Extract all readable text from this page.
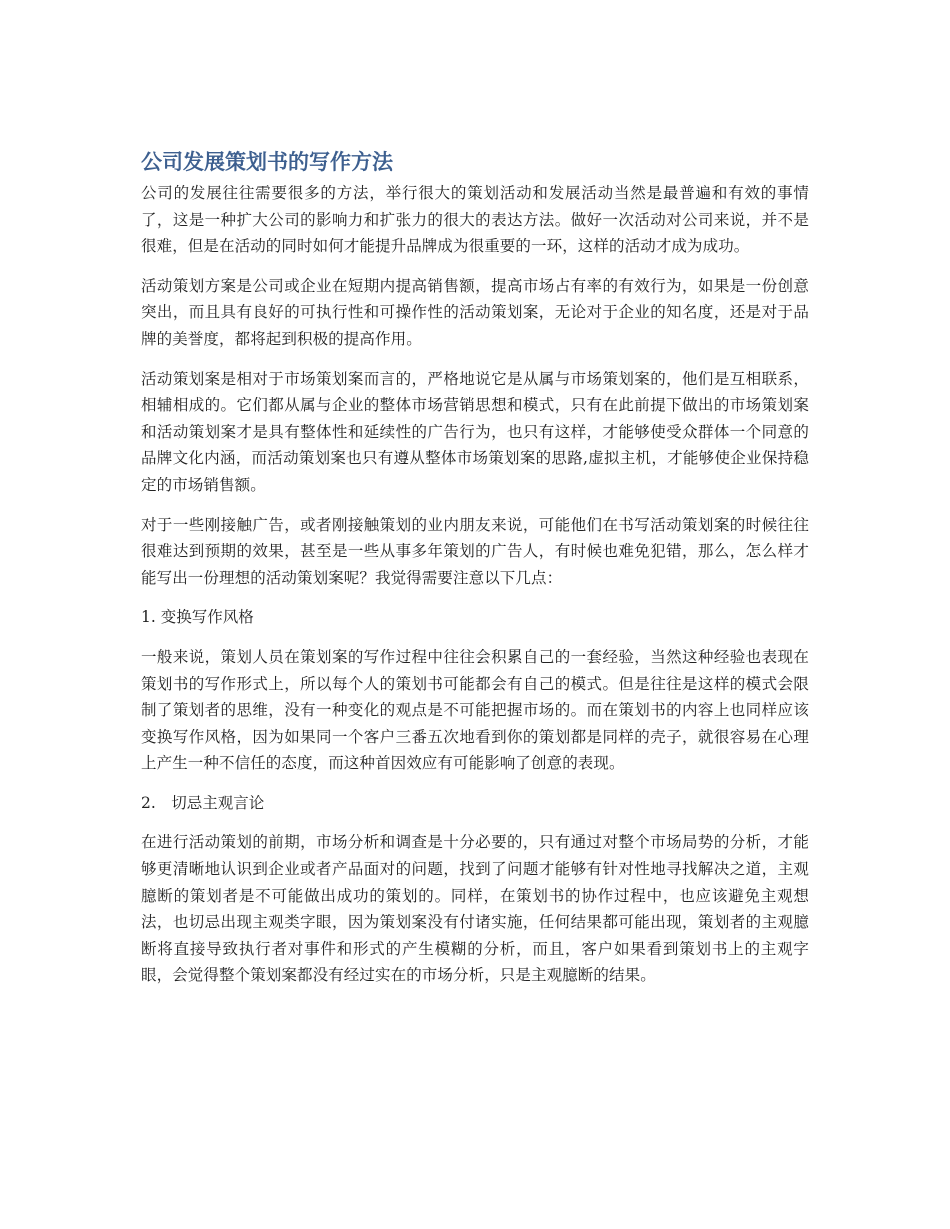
公司发展策划书的写作方法

公司的发展往往需要很多的方法，举行很大的策划活动和发展活动当然是最普遍和有效的事情了，这是一种扩大公司的影响力和扩张力的很大的表达方法。做好一次活动对公司来说，并不是很难，但是在活动的同时如何才能提升品牌成为很重要的一环，这样的活动才成为成功。

活动策划方案是公司或企业在短期内提高销售额，提高市场占有率的有效行为，如果是一份创意突出，而且具有良好的可执行性和可操作性的活动策划案，无论对于企业的知名度，还是对于品牌的美誉度，都将起到积极的提高作用。

活动策划案是相对于市场策划案而言的，严格地说它是从属与市场策划案的，他们是互相联系，相辅相成的。它们都从属与企业的整体市场营销思想和模式，只有在此前提下做出的市场策划案和活动策划案才是具有整体性和延续性的广告行为，也只有这样，才能够使受众群体一个同意的品牌文化内涵，而活动策划案也只有遵从整体市场策划案的思路,虚拟主机，才能够使企业保持稳定的市场销售额。

对于一些刚接触广告，或者刚接触策划的业内朋友来说，可能他们在书写活动策划案的时候往往很难达到预期的效果，甚至是一些从事多年策划的广告人，有时候也难免犯错，那么，怎么样才能写出一份理想的活动策划案呢？我觉得需要注意以下几点：

1. 变换写作风格

一般来说，策划人员在策划案的写作过程中往往会积累自己的一套经验，当然这种经验也表现在策划书的写作形式上，所以每个人的策划书可能都会有自己的模式。但是往往是这样的模式会限制了策划者的思维，没有一种变化的观点是不可能把握市场的。而在策划书的内容上也同样应该变换写作风格，因为如果同一个客户三番五次地看到你的策划都是同样的壳子，就很容易在心理上产生一种不信任的态度，而这种首因效应有可能影响了创意的表现。

2.　切忌主观言论

在进行活动策划的前期，市场分析和调查是十分必要的，只有通过对整个市场局势的分析，才能够更清晰地认识到企业或者产品面对的问题，找到了问题才能够有针对性地寻找解决之道，主观臆断的策划者是不可能做出成功的策划的。同样，在策划书的协作过程中，也应该避免主观想法，也切忌出现主观类字眼，因为策划案没有付诸实施，任何结果都可能出现，策划者的主观臆断将直接导致执行者对事件和形式的产生模糊的分析，而且，客户如果看到策划书上的主观字眼，会觉得整个策划案都没有经过实在的市场分析，只是主观臆断的结果。
